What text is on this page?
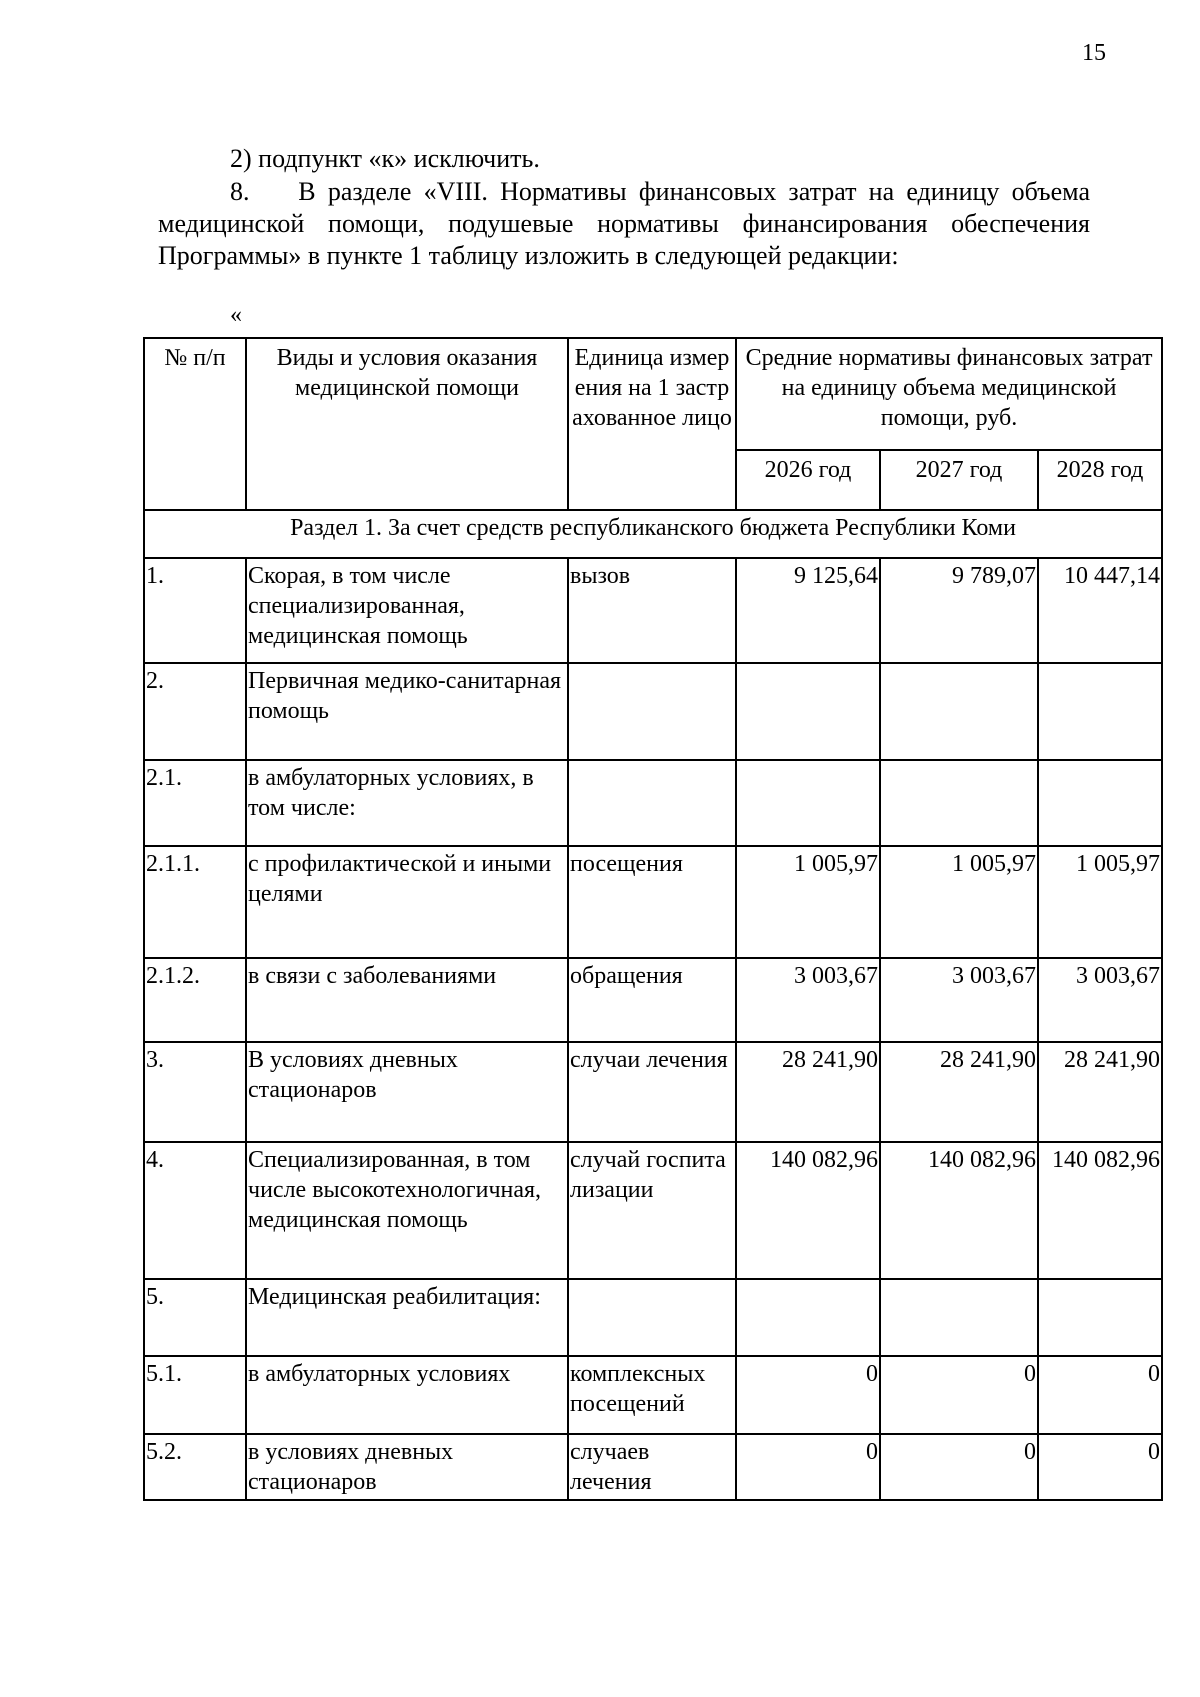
15
2) подпункт «к» исключить.
8.    В разделе «VIII. Нормативы финансовых затрат на единицу объема медицинской помощи, подушевые нормативы финансирования обеспечения Программы» в пункте 1 таблицу изложить в следующей редакции:
«
№ п/п	Виды и условия оказания медицинской помощи	Единица измерения на 1 застрахованное лицо	Средние нормативы финансовых затрат на единицу объема медицинской помощи, руб.		
			2026 год	2027 год	2028 год
Раздел 1. За счет средств республиканского бюджета Республики Коми					
1.	Скорая, в том числе специализированная, медицинская помощь	вызов	9 125,64	9 789,07	10 447,14
2.	Первичная медико-санитарная помощь				
2.1.	в амбулаторных условиях, в том числе:				
2.1.1.	с профилактической и иными целями	посещения	1 005,97	1 005,97	1 005,97
2.1.2.	в связи с заболеваниями	обращения	3 003,67	3 003,67	3 003,67
3.	В условиях дневных стационаров	случаи лечения	28 241,90	28 241,90	28 241,90
4.	Специализированная, в том числе высокотехнологичная, медицинская помощь	случай госпитализации	140 082,96	140 082,96	140 082,96
5.	Медицинская реабилитация:				
5.1.	в амбулаторных условиях	комплексных посещений	0	0	0
5.2.	в условиях дневных стационаров	случаев лечения	0	0	0
